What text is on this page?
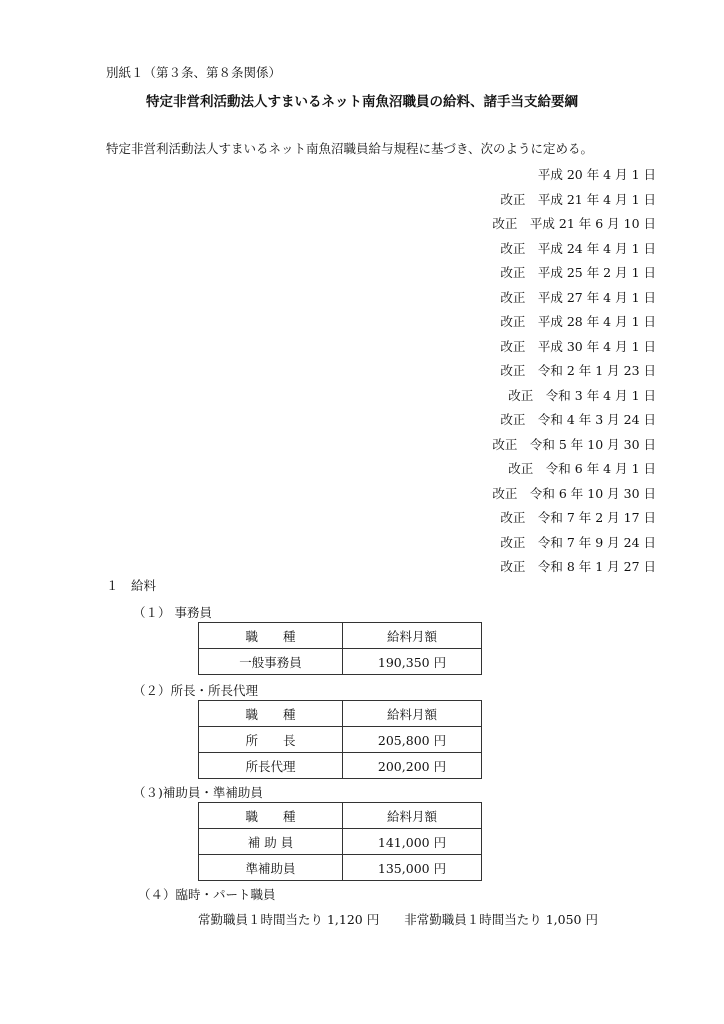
別紙１（第３条、第８条関係）
特定非営利活動法人すまいるネット南魚沼職員の給料、諸手当支給要綱
特定非営利活動法人すまいるネット南魚沼職員給与規程に基づき、次のように定める。
平成 20 年 4 月 1 日
改正　平成 21 年 4 月 1 日
改正　平成 21 年 6 月 10 日
改正　平成 24 年 4 月 1 日
改正　平成 25 年 2 月 1 日
改正　平成 27 年 4 月 1 日
改正　平成 28 年 4 月 1 日
改正　平成 30 年 4 月 1 日
改正　令和 2 年 1 月 23 日
改正　令和 3 年 4 月 1 日
改正　令和 4 年 3 月 24 日
改正　令和 5 年 10 月 30 日
改正　令和 6 年 4 月 1 日
改正　令和 6 年 10 月 30 日
改正　令和 7 年 2 月 17 日
改正　令和 7 年 9 月 24 日
改正　令和 8 年 1 月 27 日
１　給料
（１） 事務員
職　　種	給料月額
一般事務員	190,350 円
（２）所長・所長代理
職　　種	給料月額
所　　長	205,800 円
所長代理	200,200 円
（３)補助員・準補助員
職　　種	給料月額
補 助 員	141,000 円
準補助員	135,000 円
（４）臨時・パート職員
常勤職員１時間当たり 1,120 円　　非常勤職員１時間当たり 1,050 円
